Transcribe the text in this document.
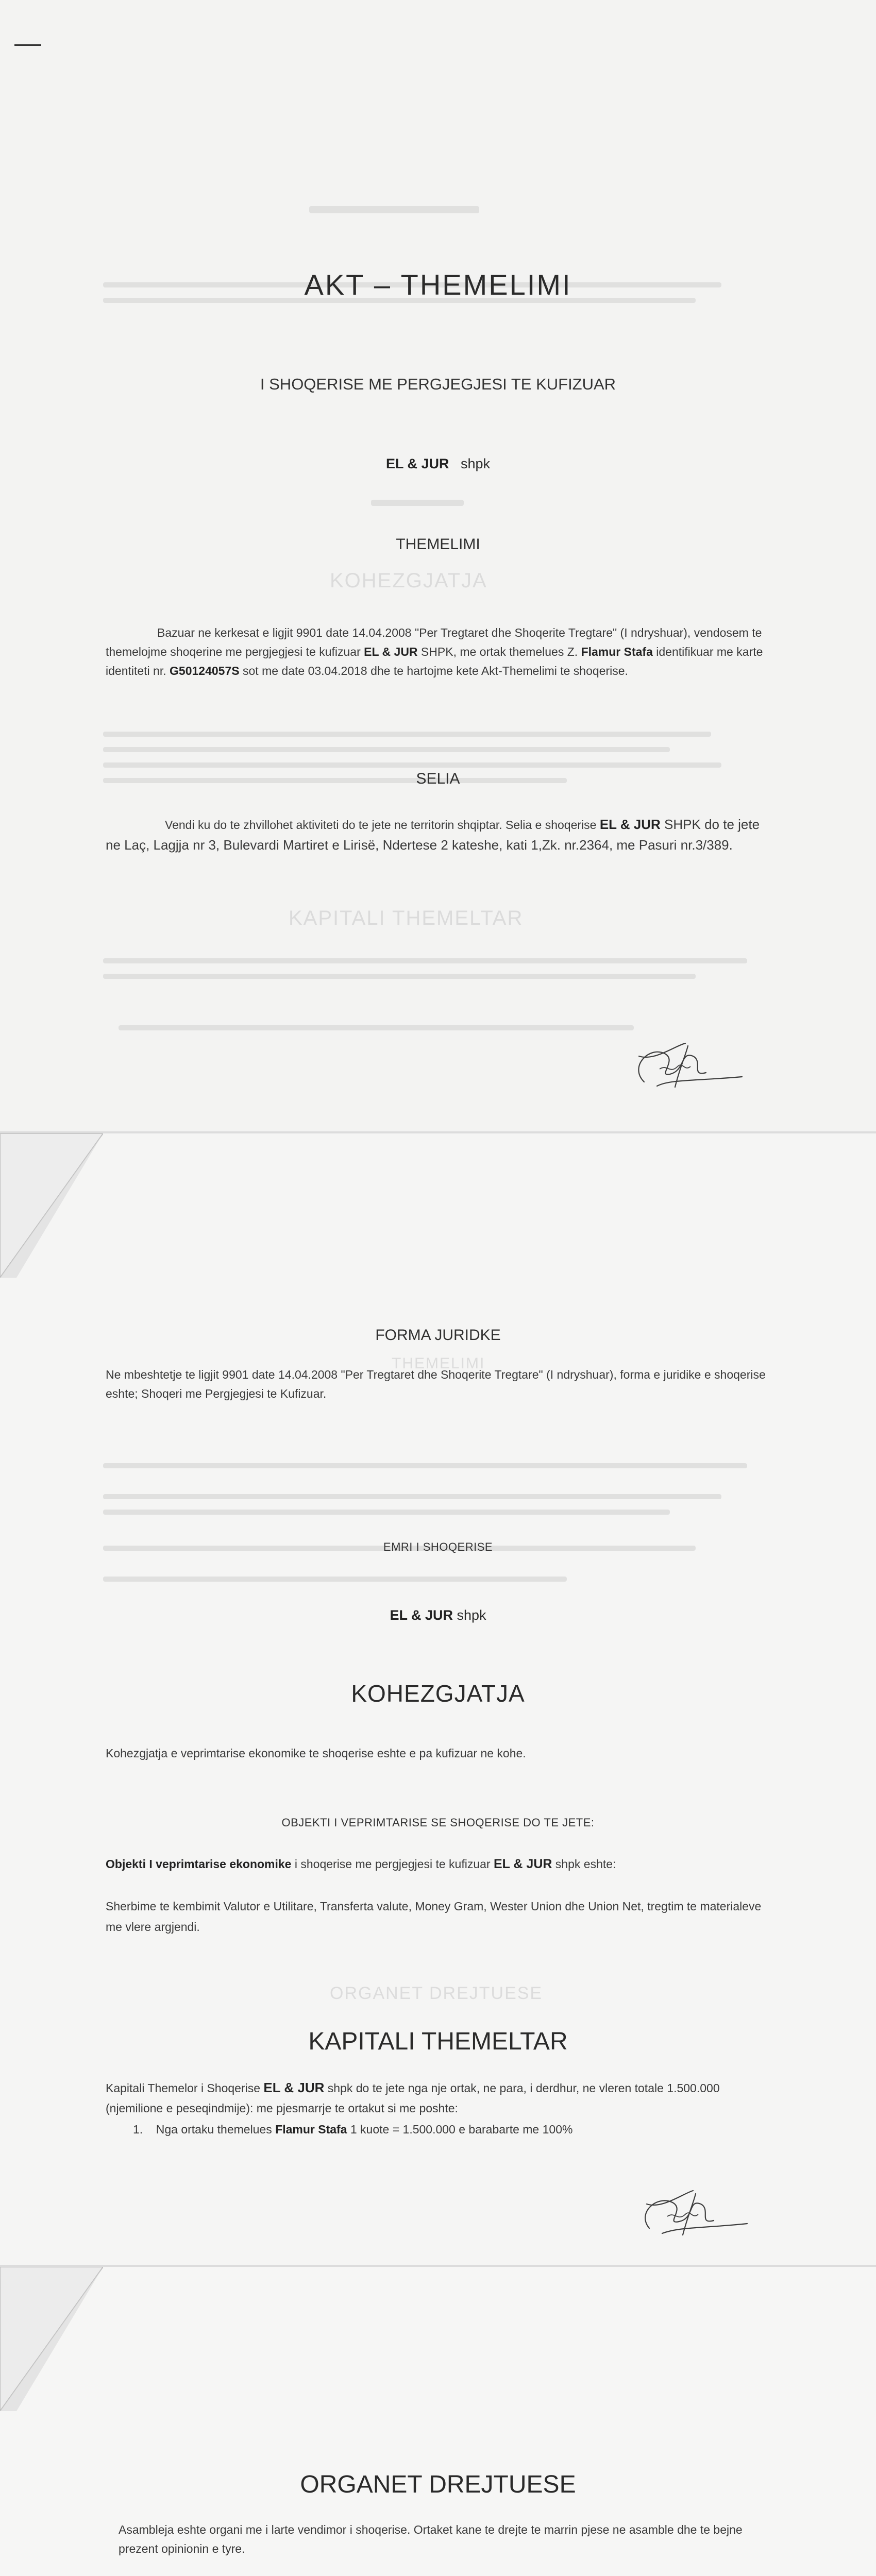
KOHEZGJATJA
KAPITALI THEMELTAR
AKT – THEMELIMI
I SHOQERISE ME PERGJEGJESI TE KUFIZUAR
EL & JUR shpk
THEMELIMI
Bazuar ne kerkesat e ligjit 9901 date 14.04.2008 "Per Tregtaret dhe Shoqerite Tregtare" (I ndryshuar), vendosem te themelojme shoqerine me pergjegjesi te kufizuar EL & JUR SHPK, me ortak themelues Z. Flamur Stafa identifikuar me karte identiteti nr. G50124057S sot me date 03.04.2018 dhe te hartojme kete Akt-Themelimi te shoqerise.
SELIA
Vendi ku do te zhvillohet aktiviteti do te jete ne territorin shqiptar. Selia e shoqerise EL & JUR SHPK do te jete ne Laç, Lagjja nr 3, Bulevardi Martiret e Lirisë, Ndertese 2 kateshe, kati 1,Zk. nr.2364, me Pasuri nr.3/389.
THEMELIMI
ORGANET DREJTUESE
FORMA JURIDKE
Ne mbeshtetje te ligjit 9901 date 14.04.2008 "Per Tregtaret dhe Shoqerite Tregtare" (I ndryshuar), forma e juridike e shoqerise eshte; Shoqeri me Pergjegjesi te Kufizuar.
EMRI I SHOQERISE
EL & JUR shpk
KOHEZGJATJA
Kohezgjatja e veprimtarise ekonomike te shoqerise eshte e pa kufizuar ne kohe.
OBJEKTI I VEPRIMTARISE SE SHOQERISE DO TE JETE:
Objekti I veprimtarise ekonomike i shoqerise me pergjegjesi te kufizuar EL & JUR shpk eshte:
Sherbime te kembimit Valutor e Utilitare, Transferta valute, Money Gram, Wester Union dhe Union Net, tregtim te materialeve me vlere argjendi.
KAPITALI THEMELTAR
Kapitali Themelor i Shoqerise EL & JUR shpk do te jete nga nje ortak, ne para, i derdhur, ne vleren totale 1.500.000 (njemilione e peseqindmije): me pjesmarrje te ortakut si me poshte:
1. Nga ortaku themelues Flamur Stafa 1 kuote = 1.500.000 e barabarte me 100%
ORGANET DREJTUESE
Asambleja eshte organi me i larte vendimor i shoqerise. Ortaket kane te drejte te marrin pjese ne asamble dhe te bejne prezent opinionin e tyre.
